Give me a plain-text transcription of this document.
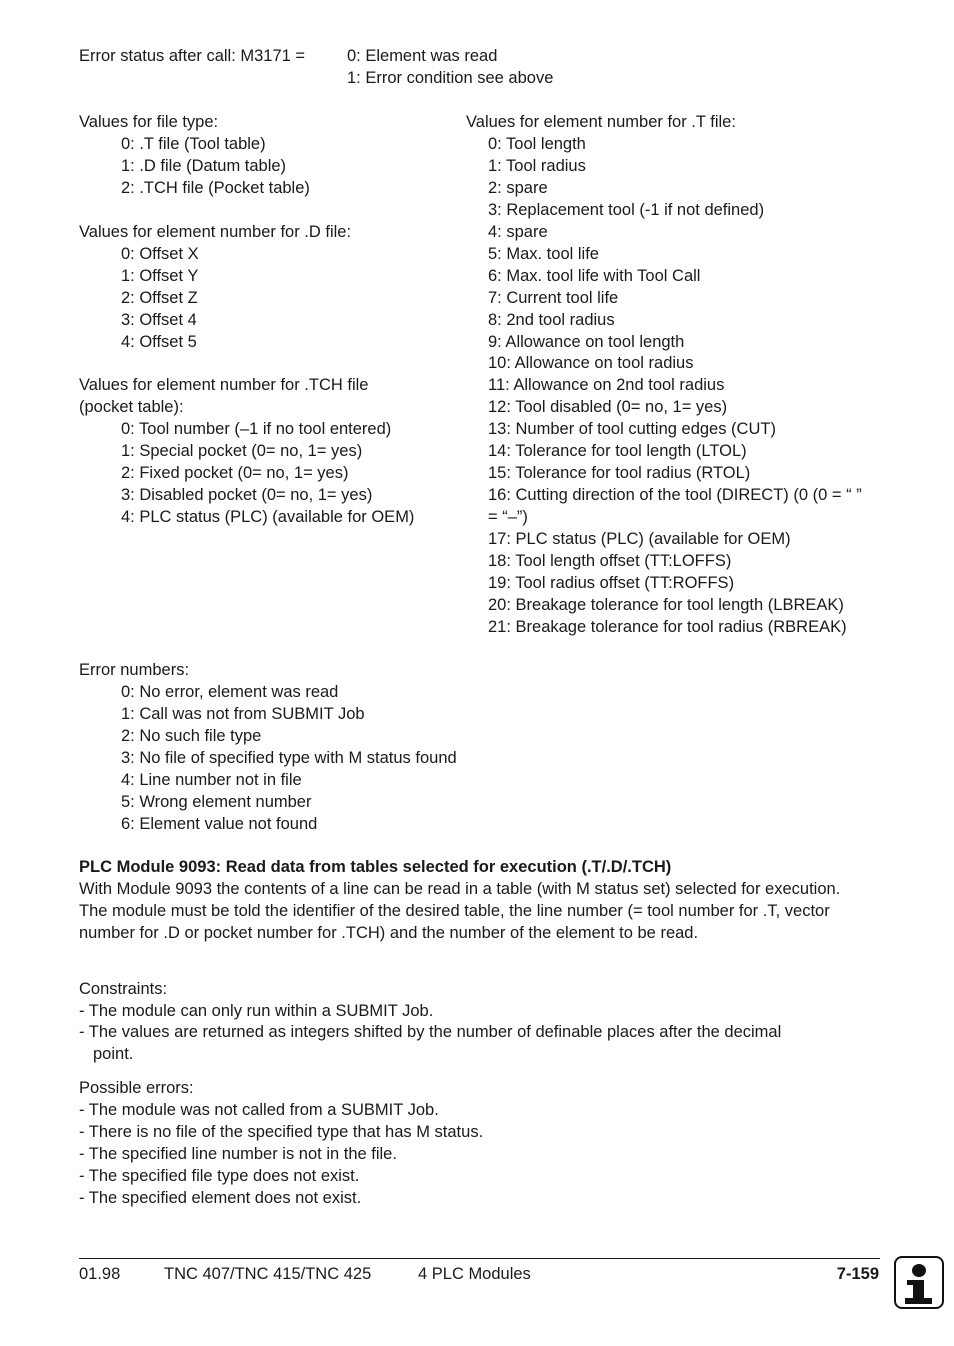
Error status after call: M3171 =	0: Element was read
1: Error condition see above
Values for file type:
0: .T file (Tool table)
1: .D file (Datum table)
2: .TCH file (Pocket table)
Values for element number for .D file:
0: Offset X
1: Offset Y
2: Offset Z
3: Offset 4
4: Offset 5
Values for element number for .TCH file
(pocket table):
0: Tool number (–1 if no tool entered)
1: Special pocket (0= no, 1= yes)
2: Fixed pocket (0= no, 1= yes)
3: Disabled pocket (0= no, 1= yes)
4: PLC status (PLC) (available for OEM)
Values for element number for .T file:
0: Tool length
1: Tool radius
2: spare
3: Replacement tool (-1 if not defined)
4: spare
5: Max. tool life
6: Max. tool life with Tool Call
7: Current tool life
8: 2nd tool radius
9: Allowance on tool length
10: Allowance on tool radius
11: Allowance on 2nd tool radius
12: Tool disabled (0= no, 1= yes)
13: Number of tool cutting edges (CUT)
14: Tolerance for tool length (LTOL)
15: Tolerance for tool radius (RTOL)
16: Cutting direction of the tool (DIRECT) (0 (0 = “ ”
= “–”)
17: PLC status (PLC) (available for OEM)
18: Tool length offset (TT:LOFFS)
19: Tool radius offset (TT:ROFFS)
20: Breakage tolerance for tool length (LBREAK)
21: Breakage tolerance for tool radius (RBREAK)
Error numbers:
0: No error, element was read
1: Call was not from SUBMIT Job
2: No such file type
3: No file of specified type with M status found
4: Line number not in file
5: Wrong element number
6: Element value not found
PLC Module 9093: Read data from tables selected for execution (.T/.D/.TCH)
With Module 9093 the contents of a line can be read in a table (with M status set) selected for execution. The module must be told the identifier of the desired table, the line number (= tool number for .T, vector number for .D or pocket number for .TCH) and the number of the element to be read.
Constraints:
- The module can only run within a SUBMIT Job.
- The values are returned as integers shifted by the number of definable places after the decimal
point.
Possible errors:
- The module was not called from a SUBMIT Job.
- There is no file of the specified type that has M status.
- The specified line number is not in the file.
- The specified file type does not exist.
- The specified element does not exist.
01.98	TNC 407/TNC 415/TNC 425	4 PLC Modules	7-159
